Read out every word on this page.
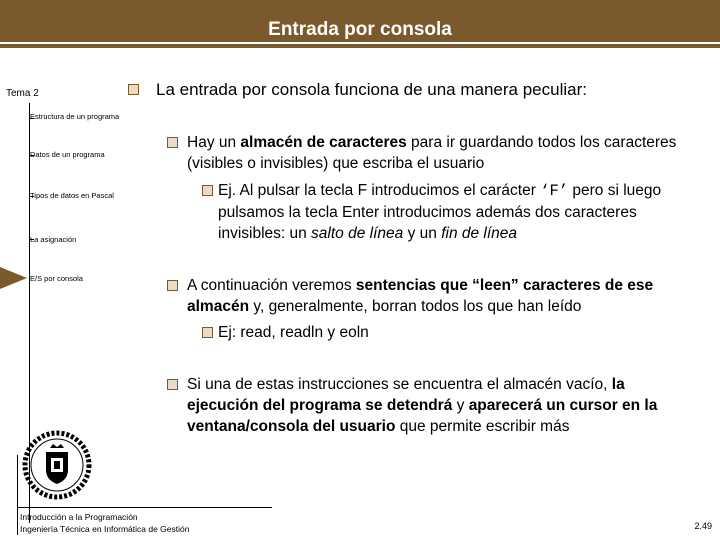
Entrada por consola
Tema 2
Estructura de un programa
Datos de un programa
Tipos de datos en Pascal
La asignación
E/S por consola
La entrada por consola funciona de una manera peculiar:
Hay un almacén de caracteres para ir guardando todos los caracteres (visibles o invisibles) que escriba el usuario
Ej. Al pulsar la tecla F introducimos el carácter ‘F’ pero si luego pulsamos la tecla Enter introducimos además dos caracteres invisibles: un salto de línea y un fin de línea
A continuación veremos sentencias que “leen” caracteres de ese almacén y, generalmente, borran todos los que han leído
Ej: read, readln y eoln
Si una de estas instrucciones se encuentra el almacén vacío, la ejecución del programa se detendrá y aparecerá un cursor en la ventana/consola del usuario que permite escribir más
Introducción a la Programación
Ingeniería Técnica en Informática de Gestión	2.49
